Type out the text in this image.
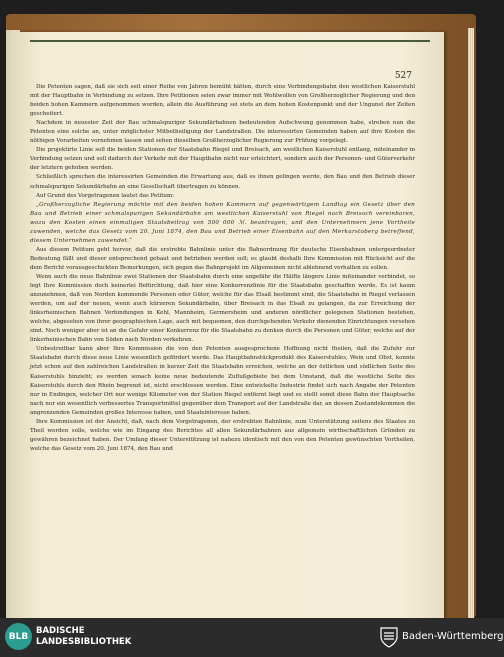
527

Die Petenten sagen, daß sie sich seit einer Reihe von Jahren bemüht hätten, durch eine Verbindungsbahn den westlichen Kaiserstuhl mit der Hauptbahn in Verbindung zu setzen. Ihre Petitionen seien zwar immer mit Wohlwollen von Großherzoglicher Regierung und den beiden hohen Kammern aufgenommen worden, allein die Ausführung sei stets an dem hohen Kostenpunkt und der Ungunst der Zeiten gescheitert.

Nachdem in neuester Zeit der Bau schmalspuriger Sekundärbahnen bedeutenden Aufschwung genommen habe, streben nun die Petenten eine solche an, unter möglichster Mitbetheiligung der Landstraßen. Die interessirten Gemeinden haben auf ihre Kosten die nöthigen Vorarbeiten vornehmen lassen und sehen dieselben Großherzoglicher Regierung zur Prüfung vorgelegt.

Die projektirte Linie soll die beiden Stationen der Staatsbahn Riegel und Breisach, am westlichen Kaiserstuhl entlang, miteinander in Verbindung setzen und soll dadurch der Verkehr mit der Hauptbahn nicht nur erleichtert, sondern auch der Personen- und Güterverkehr der letztern gehoben werden.

Schließlich sprechen die interessirten Gemeinden die Erwartung aus, daß es ihnen gelingen werde, den Bau und den Betrieb dieser schmalspurigen Sekundärbahn an eine Gesellschaft übertragen zu können.

Auf Grund des Vorgetragenen lautet das Petitum:

„Großherzogliche Regierung möchte mit den beiden hohen Kammern auf gegenwärtigem Landtag ein Gesetz über den Bau und Betrieb einer schmalspurigen Sekundärbahn am westlichen Kaiserstuhl von Riegel nach Breisach vereinbaren, wozu den Kosten einen einmaligen Staatsbeitrag von 500 000 ℳ. beantragen, und den Unternehmern jene Vortheile zuwenden, welche das Gesetz vom 20. Juni 1874, den Bau und Betrieb einer Eisenbahn auf den Merkurstoberg betreffend, diesem Unternehmen zuwendet.“

Aus diesem Petitum geht hervor, daß die erstrebte Bahnlinie unter die Bahnordnung für deutsche Eisenbahnen untergeordneter Bedeutung fällt und dieser entsprechend gebaut und betrieben werden soll; es glaubt deshalb Ihre Kommission mit Rücksicht auf die dem Bericht vorausgeschickten Bemerkungen, sich gegen das Bahnprojekt im Allgemeinen nicht ablehnend verhalten zu sollen.

Wenn auch die neue Bahnlinie zwei Stationen der Staatsbahn durch eine ungefähr die Hälfte längere Linie miteinander verbindet, so legt Ihre Kommission doch keinerlei Befürchtung, daß hier eine Konkurrenzlinie für die Staatsbahn geschaffen werde. Es ist kaum anzunehmen, daß von Norden kommende Personen oder Güter, welche für das Elsaß bestimmt sind, die Staatsbahn in Riegel verlassen werden, um auf der neuen, wenn auch kürzeren Sekundärbahn, über Breisach in das Elsaß zu gelangen, da zur Erreichung der linksrheinischen Bahnen Verbindungen in Kehl, Mannheim, Germersheim und anderen nördlicher gelegenen Stationen bestehen, welche, abgesehen von ihrer geographischen Lage, auch mit bequemen, den durchgehenden Verkehr dienenden Einrichtungen versehen sind. Noch weniger aber ist an die Gefahr einer Konkurrenz für die Staatsbahn zu denken durch die Personen und Güter, welche auf der linksrheinischen Bahn von Süden nach Norden verkehren.

Unbestreitbar kann aber Ihre Kommission die von den Petenten ausgesprochene Hoffnung nicht theilen, daß die Zufuhr zur Staatsbahn durch diese neue Linie wesentlich gefördert werde. Das Hauptbahnstückprodukt des Kaiserstuhles, Wein und Obst, konnte jetzt schon auf den zahlreichen Landstraßen in kurzer Zeit die Staatsbahn erreichen, welche an der östlichen und südlichen Seite des Kaiserstuhls hinzieht; es werden sonach keine neue bedeutende Zuflußgebiete bei dem Umstand, daß die westliche Seite des Kaiserstuhls durch den Rhein begrenzt ist, nicht erschlossen werden. Eine entwickelte Industrie findet sich nach Angabe der Petenten nur in Endingen, welcher Ort nur wenige Kilometer von der Station Riegel entfernt liegt und es stellt somit diese Bahn der Hauptsache nach nur ein wesentlich verbessertes Transportmittel gegenüber dem Transport auf der Landstraße dar, an dessen Zustandekommen die angrenzenden Gemeinden großes Interesse haben, und Staatsinteresse haben.

Ihre Kommission ist der Ansicht, daß, nach dem Vorgetragenen, der erstrebten Bahnlinie, zum Unterstützung seitens des Staates zu Theil werden solle, welche wie im Eingang des Berichtes all allen Sekundärbahnen aus allgemein wirthschaftlichen Gründen zu gewähren bezeichnet haben. Der Umfang dieser Unterstützung ist nahezu identisch mit den von den Petenten gewünschten Vortheilen, welche das Gesetz vom 20. Juni 1874, den Bau und

BLB
BADISCHE
LANDESBIBLIOTHEK	Baden-Württemberg
